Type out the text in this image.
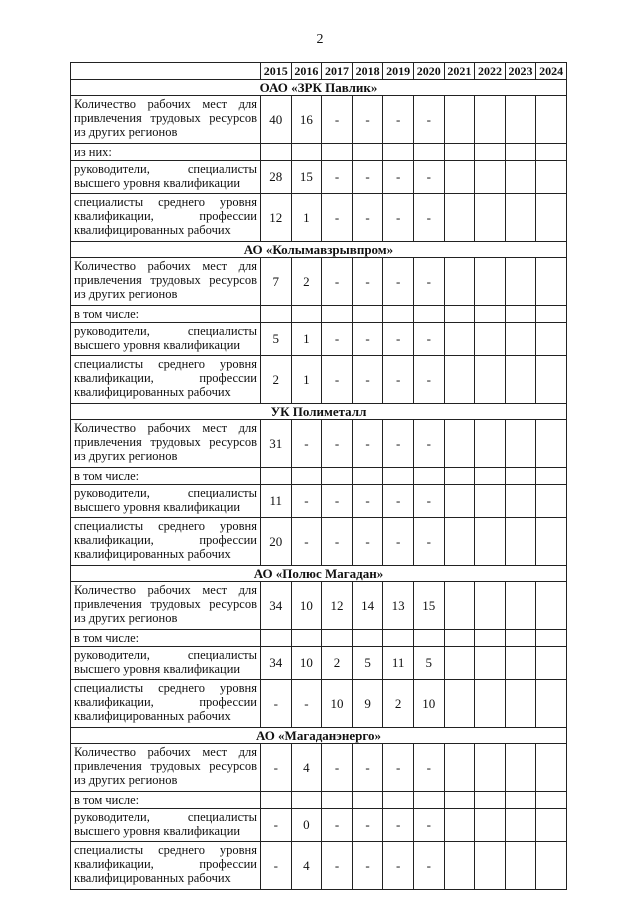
2
	2015	2016	2017	2018	2019	2020	2021	2022	2023	2024
ОАО «ЗРК Павлик»										
Количество рабочих мест для привлечения трудовых ресурсов из других регионов	40	16	-	-	-	-				
из них:										
руководители, специалисты высшего уровня квалификации	28	15	-	-	-	-				
специалисты среднего уровня квалификации, профессии квалифицированных рабочих	12	1	-	-	-	-				
АО «Колымавзрывпром»										
Количество рабочих мест для привлечения трудовых ресурсов из других регионов	7	2	-	-	-	-				
в том числе:										
руководители, специалисты высшего уровня квалификации	5	1	-	-	-	-				
специалисты среднего уровня квалификации, профессии квалифицированных рабочих	2	1	-	-	-	-				
УК Полиметалл										
Количество рабочих мест для привлечения трудовых ресурсов из других регионов	31	-	-	-	-	-				
в том числе:										
руководители, специалисты высшего уровня квалификации	11	-	-	-	-	-				
специалисты среднего уровня квалификации, профессии квалифицированных рабочих	20	-	-	-	-	-				
АО «Полюс Магадан»										
Количество рабочих мест для привлечения трудовых ресурсов из других регионов	34	10	12	14	13	15				
в том числе:										
руководители, специалисты высшего уровня квалификации	34	10	2	5	11	5				
специалисты среднего уровня квалификации, профессии квалифицированных рабочих	-	-	10	9	2	10				
АО «Магаданэнерго»										
Количество рабочих мест для привлечения трудовых ресурсов из других регионов	-	4	-	-	-	-				
в том числе:										
руководители, специалисты высшего уровня квалификации	-	0	-	-	-	-				
специалисты среднего уровня квалификации, профессии квалифицированных рабочих	-	4	-	-	-	-				
